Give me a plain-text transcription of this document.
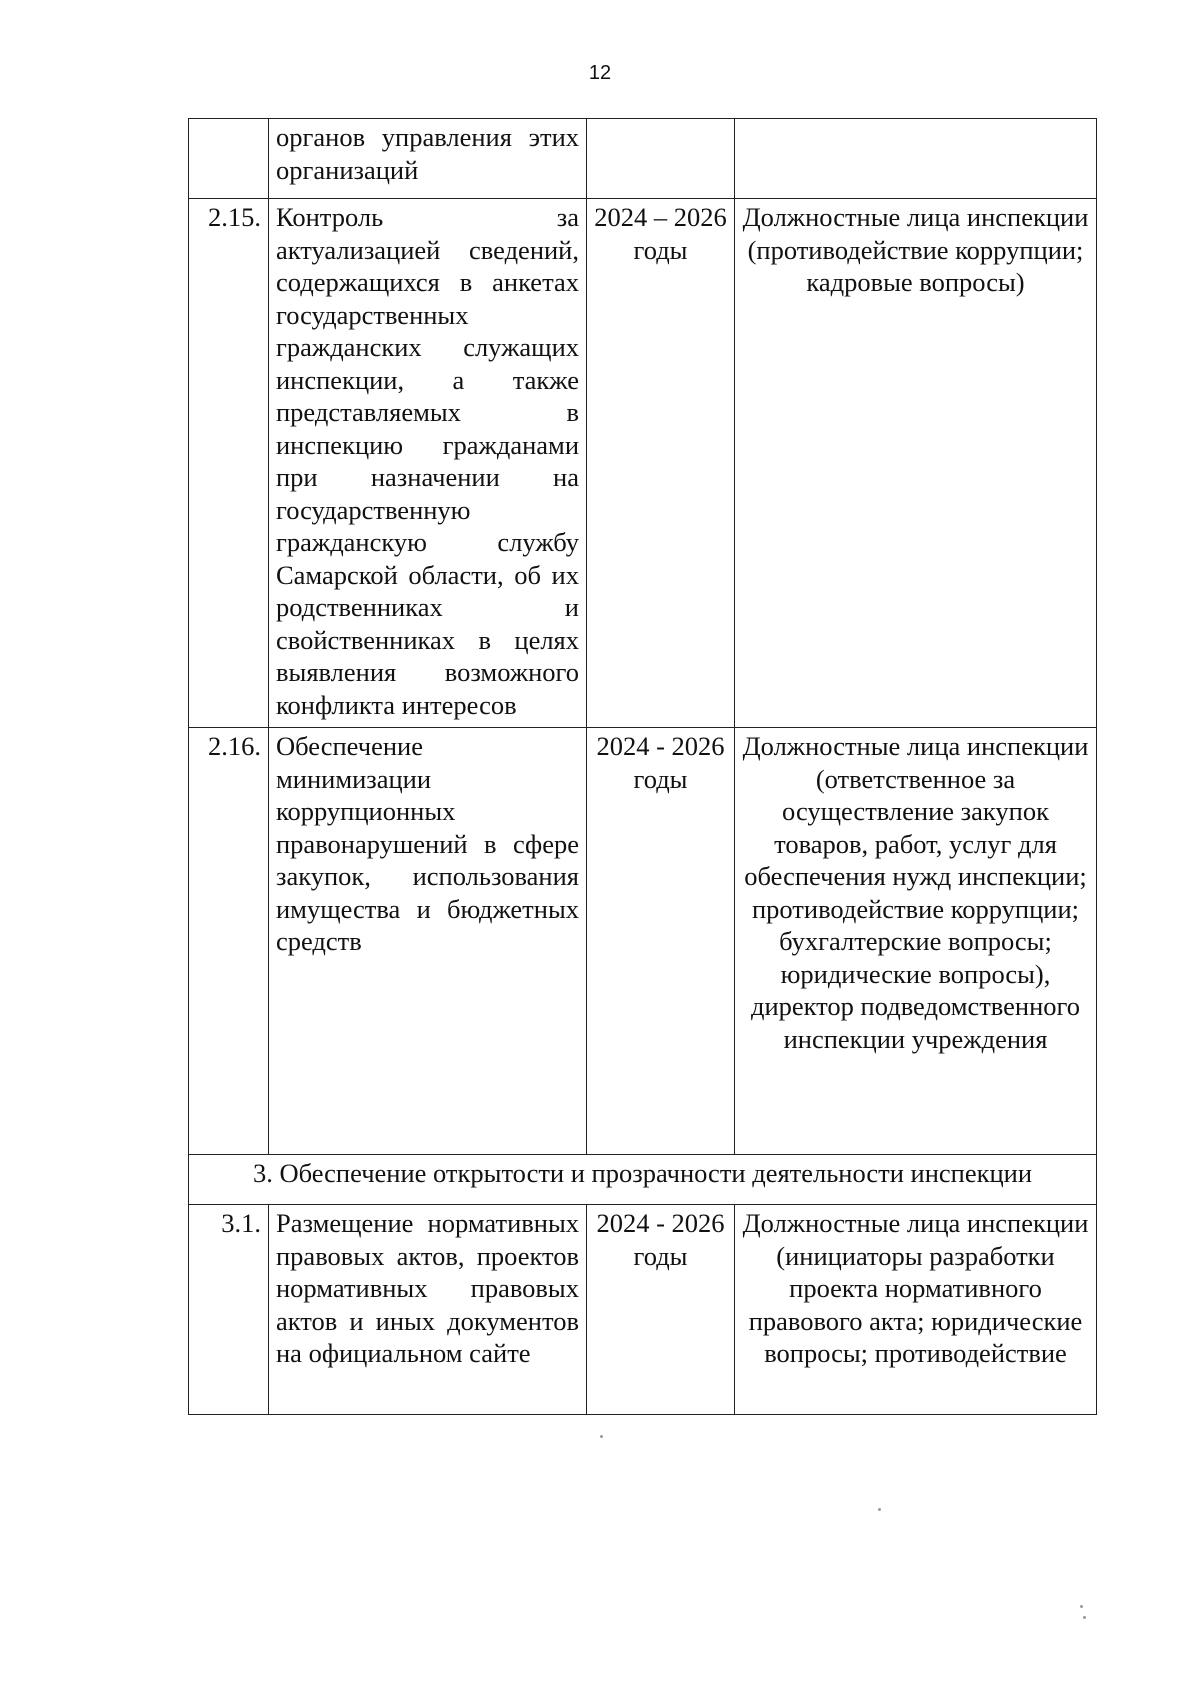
12
	органов управления этих организаций		
2.15.	Контроль за актуализацией сведений, содержащихся в анкетах государственных гражданских служащих инспекции, а также представляемых в инспекцию гражданами при назначении на государственную гражданскую службу Самарской области, об их родственниках и свойственниках в целях выявления возможного конфликта интересов	2024 – 2026 годы	Должностные лица инспекции (противодействие коррупции; кадровые вопросы)
2.16.	Обеспечение минимизации коррупционных правонарушений в сфере закупок, использования имущества и бюджетных средств	2024 - 2026 годы	Должностные лица инспекции (ответственное за осуществление закупок товаров, работ, услуг для обеспечения нужд инспекции; противодействие коррупции; бухгалтерские вопросы; юридические вопросы), директор подведомственного инспекции учреждения
3. Обеспечение открытости и прозрачности деятельности инспекции			
3.1.	Размещение нормативных правовых актов, проектов нормативных правовых актов и иных документов на официальном сайте	2024 - 2026 годы	Должностные лица инспекции (инициаторы разработки проекта нормативного правового акта; юридические вопросы; противодействие
